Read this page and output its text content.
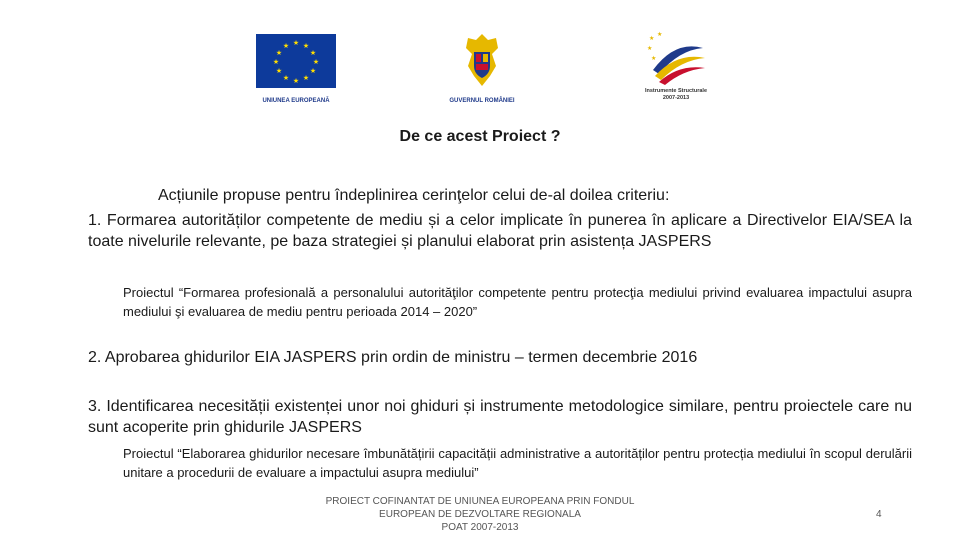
★ ★
★
★
★
★
★
★
★
★
★
★
UNIUNEA EUROPEANĂ	GUVERNUL ROMÂNIEI
★
★
★
★
Instrumente Structurale
2007-2013
De ce acest Proiect ?
Acțiunile propuse pentru îndeplinirea cerinţelor celui de-al doilea criteriu:
1. Formarea autorităților competente de mediu și a celor implicate în punerea în aplicare a Directivelor EIA/SEA la toate nivelurile relevante, pe baza strategiei și planului elaborat prin asistența JASPERS
Proiectul “Formarea profesională a personalului autorităţilor competente pentru protecţia mediului privind evaluarea impactului asupra mediului şi evaluarea de mediu pentru perioada 2014 – 2020”
2. Aprobarea ghidurilor EIA JASPERS prin ordin de ministru – termen decembrie 2016
3. Identificarea necesității existenței unor noi ghiduri și instrumente metodologice similare, pentru proiectele care nu sunt acoperite prin ghidurile JASPERS
Proiectul “Elaborarea ghidurilor necesare îmbunătățirii capacității administrative a autorităților pentru protecția mediului în scopul derulării unitare a procedurii de evaluare a impactului asupra mediului”
PROIECT COFINANTAT DE UNIUNEA EUROPEANA PRIN FONDUL
EUROPEAN DE DEZVOLTARE REGIONALA
POAT 2007-2013
4
